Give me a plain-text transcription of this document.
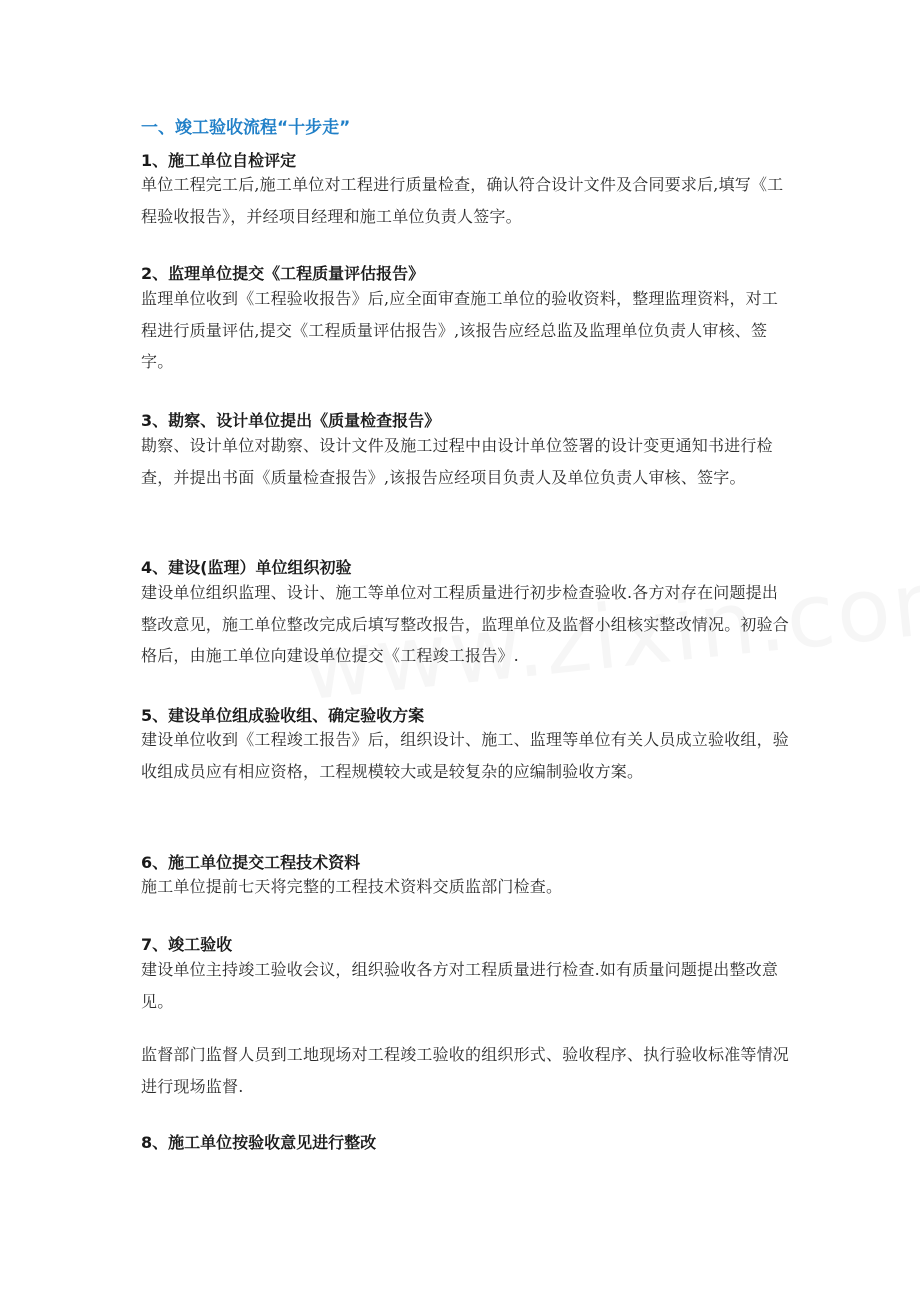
一、竣工验收流程“十步走”
1、施工单位自检评定
单位工程完工后,施工单位对工程进行质量检查，确认符合设计文件及合同要求后,填写《工程验收报告》，并经项目经理和施工单位负责人签字。
2、监理单位提交《工程质量评估报告》
监理单位收到《工程验收报告》后,应全面审查施工单位的验收资料，整理监理资料，对工程进行质量评估,提交《工程质量评估报告》,该报告应经总监及监理单位负责人审核、签字。
3、勘察、设计单位提出《质量检查报告》
勘察、设计单位对勘察、设计文件及施工过程中由设计单位签署的设计变更通知书进行检查，并提出书面《质量检查报告》,该报告应经项目负责人及单位负责人审核、签字。
4、建设(监理）单位组织初验
建设单位组织监理、设计、施工等单位对工程质量进行初步检查验收.各方对存在问题提出整改意见，施工单位整改完成后填写整改报告，监理单位及监督小组核实整改情况。初验合格后，由施工单位向建设单位提交《工程竣工报告》.
5、建设单位组成验收组、确定验收方案
建设单位收到《工程竣工报告》后，组织设计、施工、监理等单位有关人员成立验收组，验收组成员应有相应资格，工程规模较大或是较复杂的应编制验收方案。
6、施工单位提交工程技术资料
施工单位提前七天将完整的工程技术资料交质监部门检查。
7、竣工验收
建设单位主持竣工验收会议，组织验收各方对工程质量进行检查.如有质量问题提出整改意见。
监督部门监督人员到工地现场对工程竣工验收的组织形式、验收程序、执行验收标准等情况进行现场监督.
8、施工单位按验收意见进行整改
